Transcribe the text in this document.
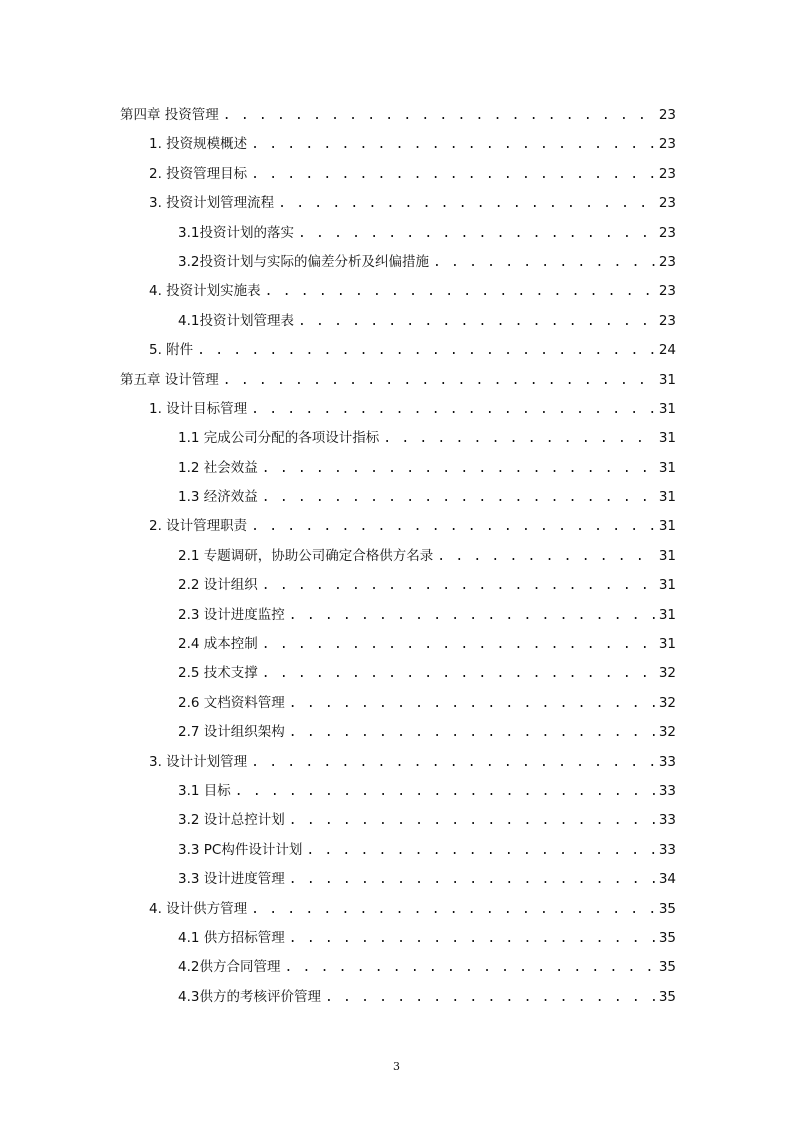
第四章 投资管理 . . .	23
1. 投资规模概述 . . .	23
2. 投资管理目标 . . .	23
3. 投资计划管理流程 . . .	23
3.1投资计划的落实 . . .	23
3.2投资计划与实际的偏差分析及纠偏措施 . . .	23
4. 投资计划实施表 . . .	23
4.1投资计划管理表 . . .	23
5. 附件 . . .	24
第五章 设计管理 . . .	31
1. 设计目标管理 . . .	31
1.1 完成公司分配的各项设计指标 . . .	31
1.2 社会效益 . . .	31
1.3 经济效益 . . .	31
2. 设计管理职责 . . .	31
2.1 专题调研，协助公司确定合格供方名录 . . .	31
2.2 设计组织 . . .	31
2.3 设计进度监控 . . .	31
2.4 成本控制 . . .	31
2.5 技术支撑 . . .	32
2.6 文档资料管理 . . .	32
2.7 设计组织架构 . . .	32
3. 设计计划管理 . . .	33
3.1 目标 . . .	33
3.2 设计总控计划 . . .	33
3.3 PC构件设计计划 . . .	33
3.3 设计进度管理 . . .	34
4. 设计供方管理 . . .	35
4.1 供方招标管理 . . .	35
4.2供方合同管理 . . .	35
4.3供方的考核评价管理 . . .	35
3
